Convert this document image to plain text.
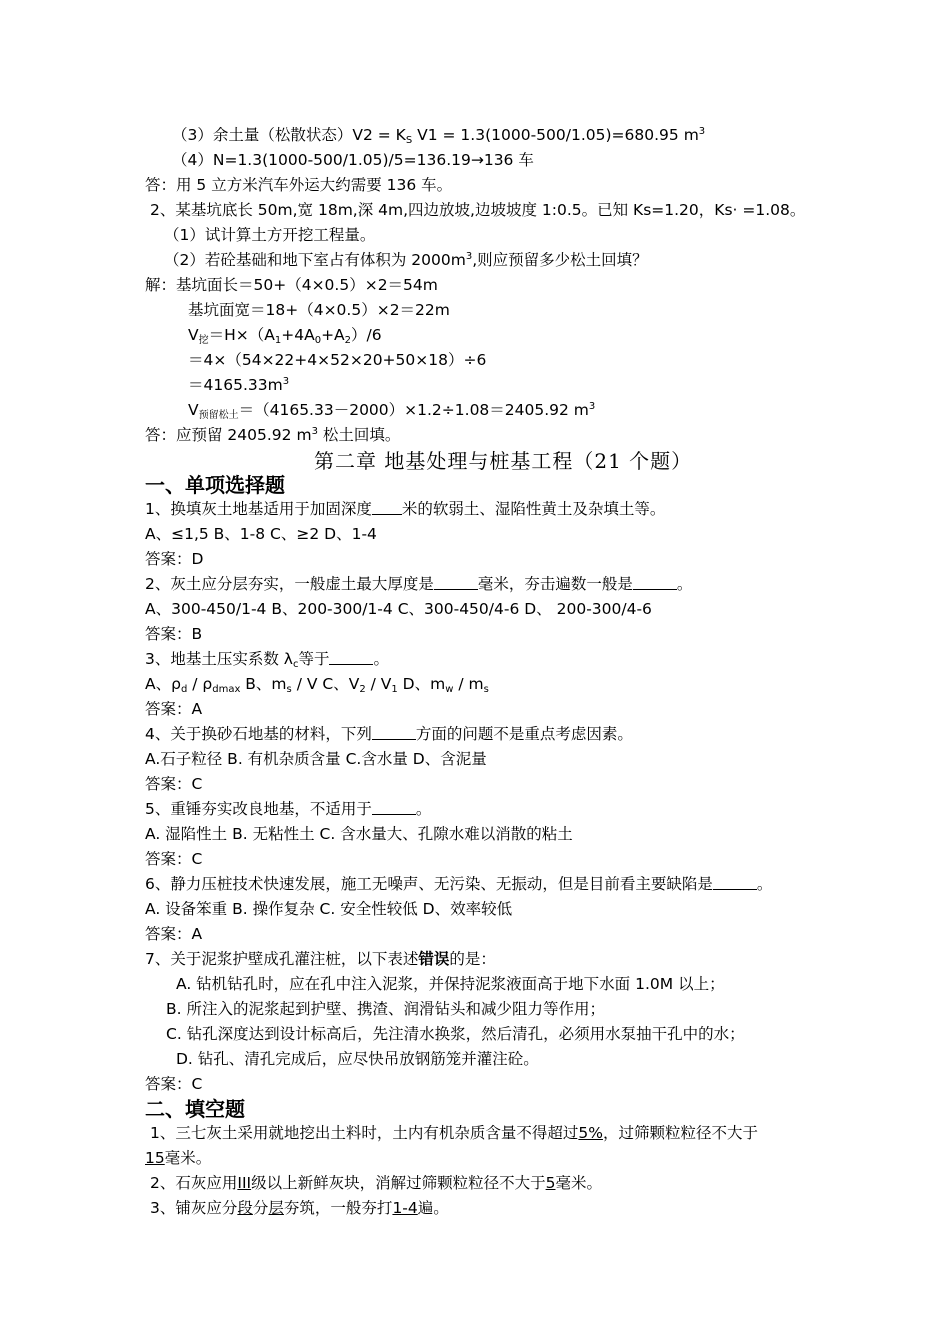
（3）余土量（松散状态）$V2 = K_S$ V1 = 1.3(1000-500/1.05)=680.95 $m^3$
（4）N=1.3(1000-500/1.05)/5=136.19→136 车
答：用 5 立方米汽车外运大约需要 136 车。
2、某基坑底长 50m,宽 18m,深 4m,四边放坡,边坡坡度 1:0.5。已知 Ks=1.20，Ks· =1.08。
（1）试计算土方开挖工程量。
（2）若砼基础和地下室占有体积为 $2000m^3$,则应预留多少松土回填？
解：基坑面长＝50+（4×0.5）×2＝54m
基坑面宽＝18+（4×0.5）×2＝22m
$V_挖=H\times(A_1+4A_0+A_2)/6$
＝4×（54×22+4×52×20+50×18）÷6
$=4165.33m^3$
$V_{预留松土}=(4165.33-2000)\times 1.2\div 1.08=2405.92$ $m^3$
答：应预留 2405.92 $m^3$ 松土回填。
第二章 地基处理与桩基工程（21 个题）
一、单项选择题
1、换填灰土地基适用于加固深度 米的软弱土、湿陷性黄土及杂填土等。
A、≤1,5 B、1-8 C、≥2 D、1-4
答案：D
2、灰土应分层夯实，一般虚土最大厚度是	毫米，夯击遍数一般是	。
A、300-450/1-4 B、200-300/1-4 C、300-450/4-6 D、 200-300/4-6
答案：B
3、地基土压实系数 $\lambda_c$等于	。
A、$\rho_d / \rho_{dmax}$ B、$m_s$ / V C、$V_2 / V_1$ D、$m_w / m_s$
答案：A
4、关于换砂石地基的材料，下列	方面的问题不是重点考虑因素。
A.石子粒径 B. 有机杂质含量 C.含水量 D、含泥量
答案：C
5、重锤夯实改良地基，不适用于	。
A. 湿陷性土 B. 无粘性土 C. 含水量大、孔隙水难以消散的粘土
答案：C
6、静力压桩技术快速发展，施工无噪声、无污染、无振动，但是目前看主要缺陷是	。
A. 设备笨重 B. 操作复杂 C. 安全性较低 D、效率较低
答案：A
7、关于泥浆护壁成孔灌注桩，以下表述错误的是：
A. 钻机钻孔时，应在孔中注入泥浆，并保持泥浆液面高于地下水面 1.0M 以上；
B. 所注入的泥浆起到护壁、携渣、润滑钻头和减少阻力等作用；
C. 钻孔深度达到设计标高后，先注清水换浆，然后清孔，必须用水泵抽干孔中的水；
D. 钻孔、清孔完成后，应尽快吊放钢筋笼并灌注砼。
答案：C
二、填空题
1、三七灰土采用就地挖出土料时，土内有机杂质含量不得超过5%，过筛颗粒粒径不大于
15毫米。
2、石灰应用III级以上新鲜灰块，消解过筛颗粒粒径不大于5毫米。
3、铺灰应分段分层夯筑，一般夯打1-4遍。
